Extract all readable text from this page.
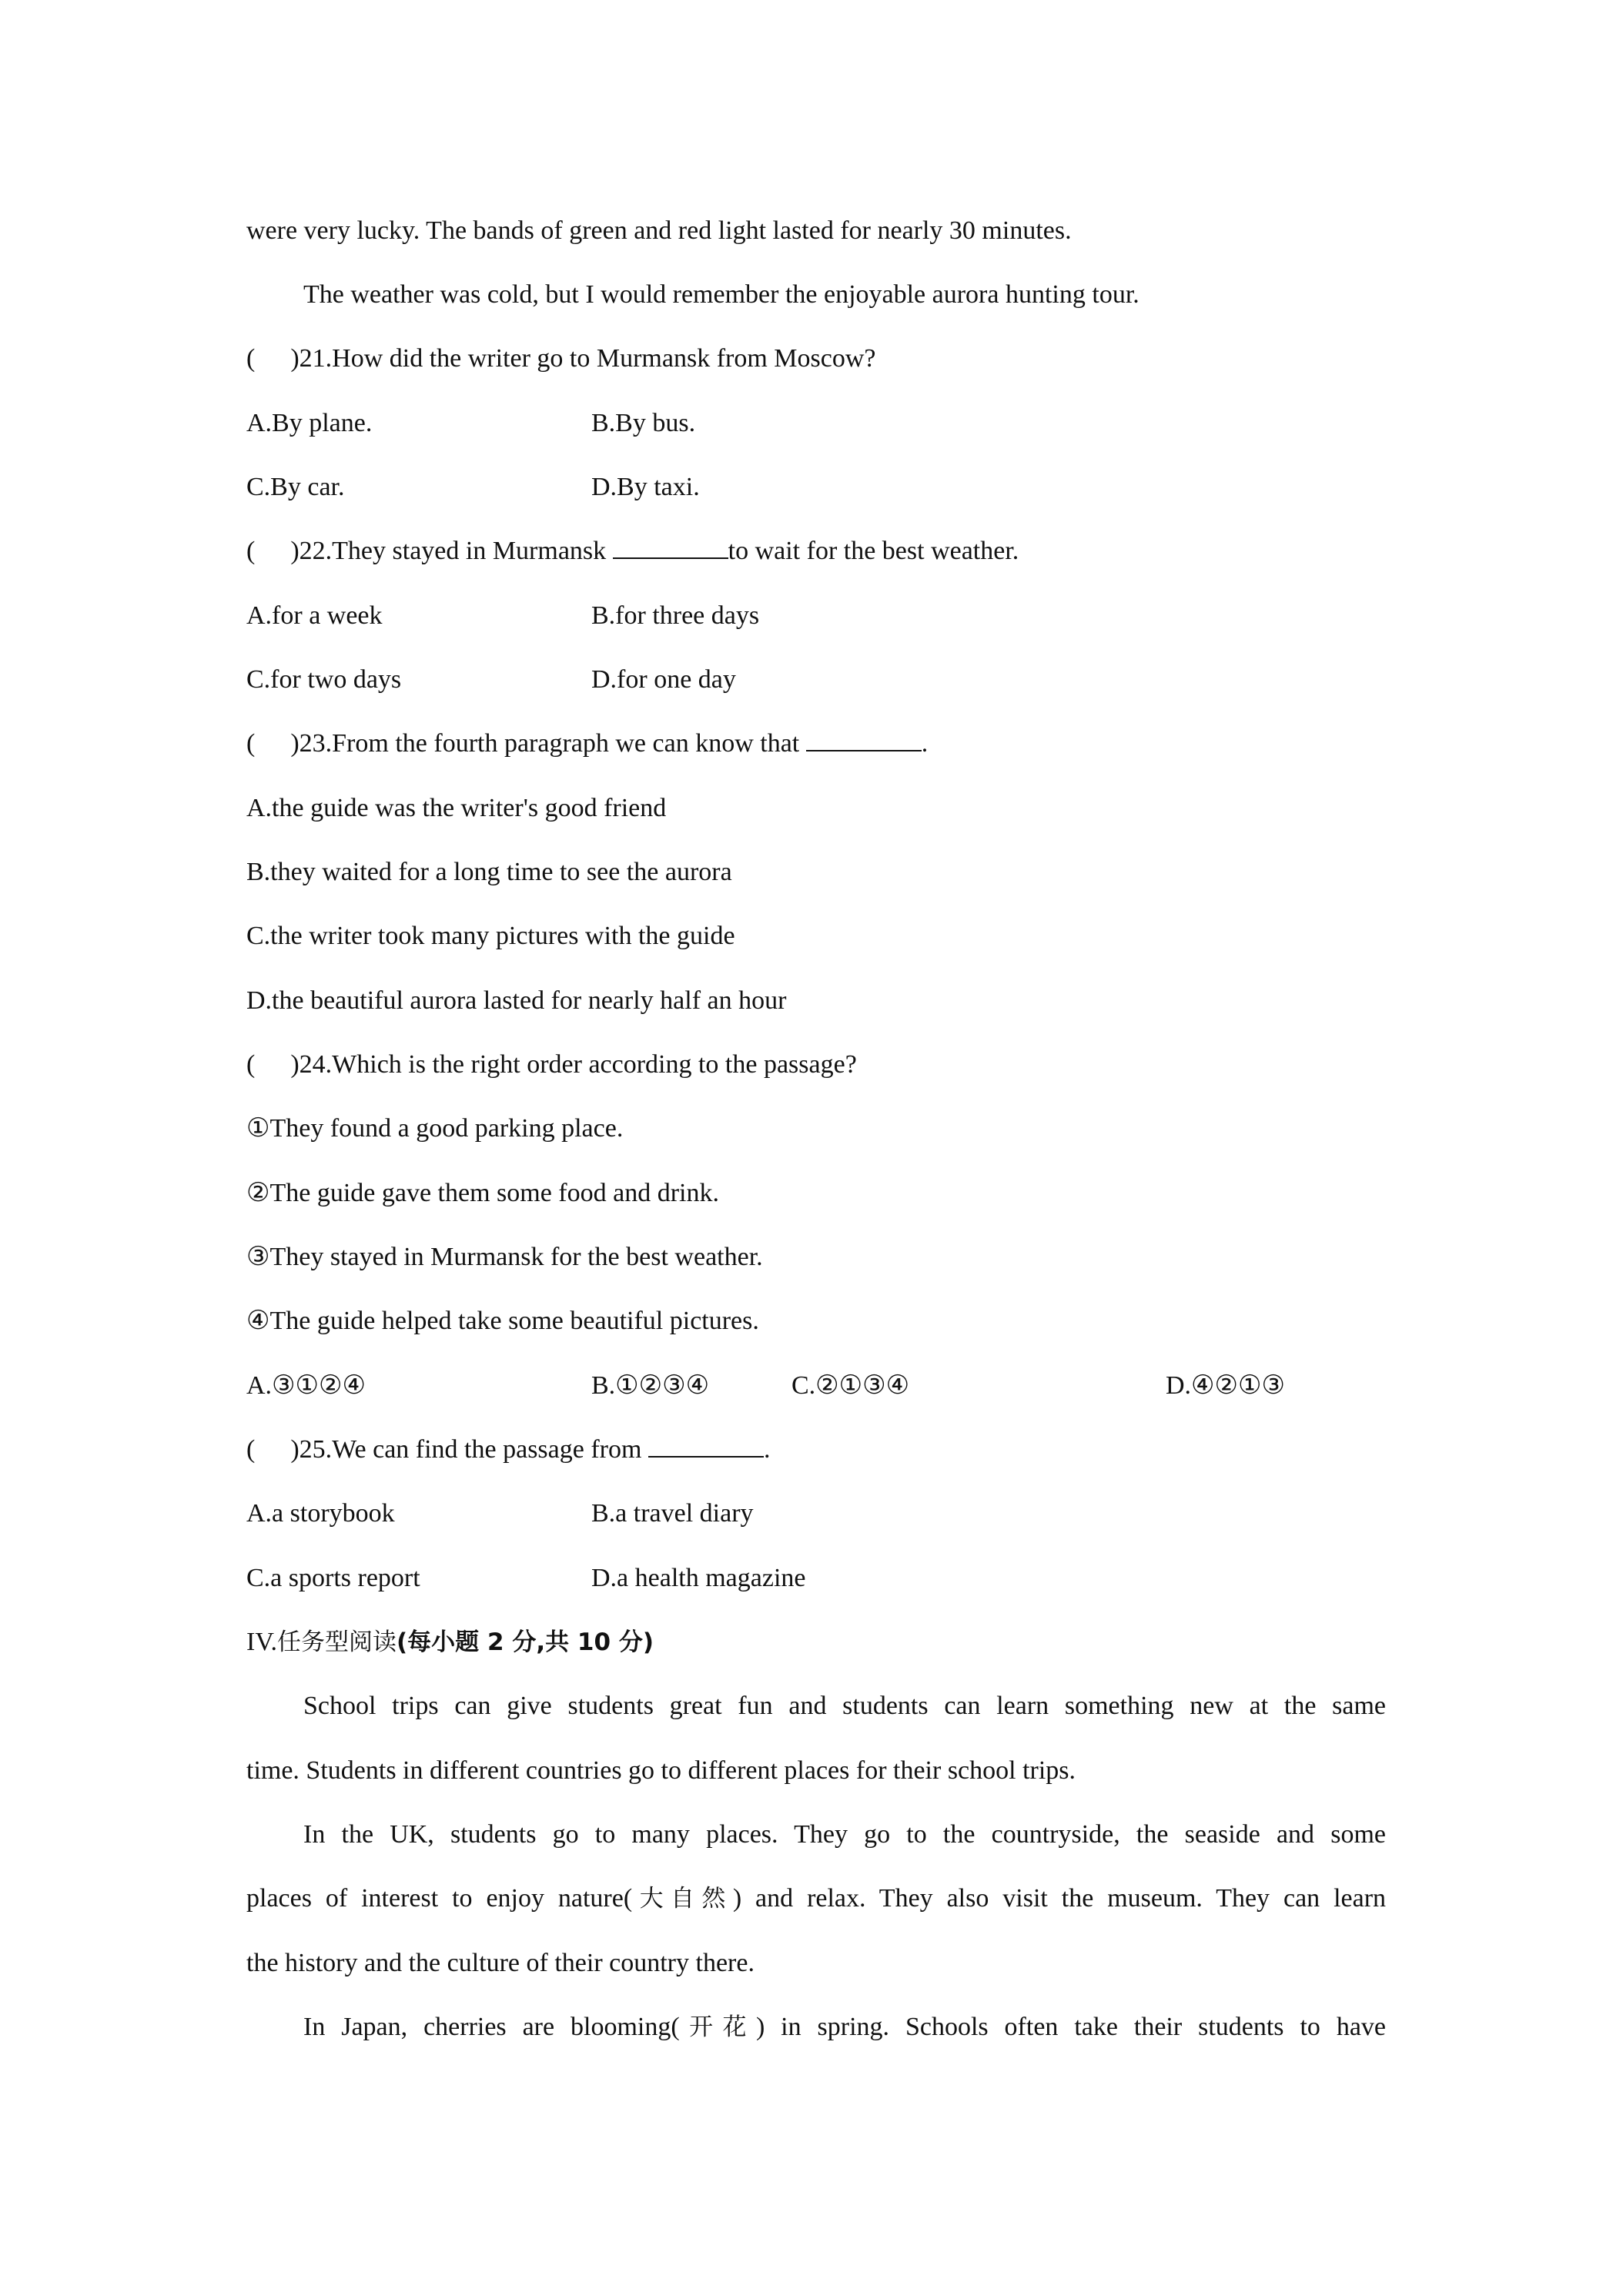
were very lucky. The bands of green and red light lasted for nearly 30 minutes.
The weather was cold, but I would remember the enjoyable aurora hunting tour.
( )21.How did the writer go to Murmansk from Moscow?
A.By plane.	B.By bus.
C.By car.	D.By taxi.
( )22.They stayed in Murmansk	to wait for the best weather.
A.for a week	B.for three days
C.for two days	D.for one day
( )23.From the fourth paragraph we can know that	.
A.the guide was the writer's good friend
B.they waited for a long time to see the aurora
C.the writer took many pictures with the guide
D.the beautiful aurora lasted for nearly half an hour
( )24.Which is the right order according to the passage?
①They found a good parking place.
②The guide gave them some food and drink.
③They stayed in Murmansk for the best weather.
④The guide helped take some beautiful pictures.
A.③①②④	B.①②③④	C.②①③④	D.④②①③
( )25.We can find the passage from	.
A.a storybook	B.a travel diary
C.a sports report	D.a health magazine
IV.任务型阅读(每小题 2 分,共 10 分)
School trips can give students great fun and students can learn something new at the same
time. Students in different countries go to different places for their school trips.
In the UK, students go to many places. They go to the countryside, the seaside and some
places of interest to enjoy nature(大自然) and relax. They also visit the museum. They can learn
the history and the culture of their country there.
In Japan, cherries are blooming(开花) in spring. Schools often take their students to have
